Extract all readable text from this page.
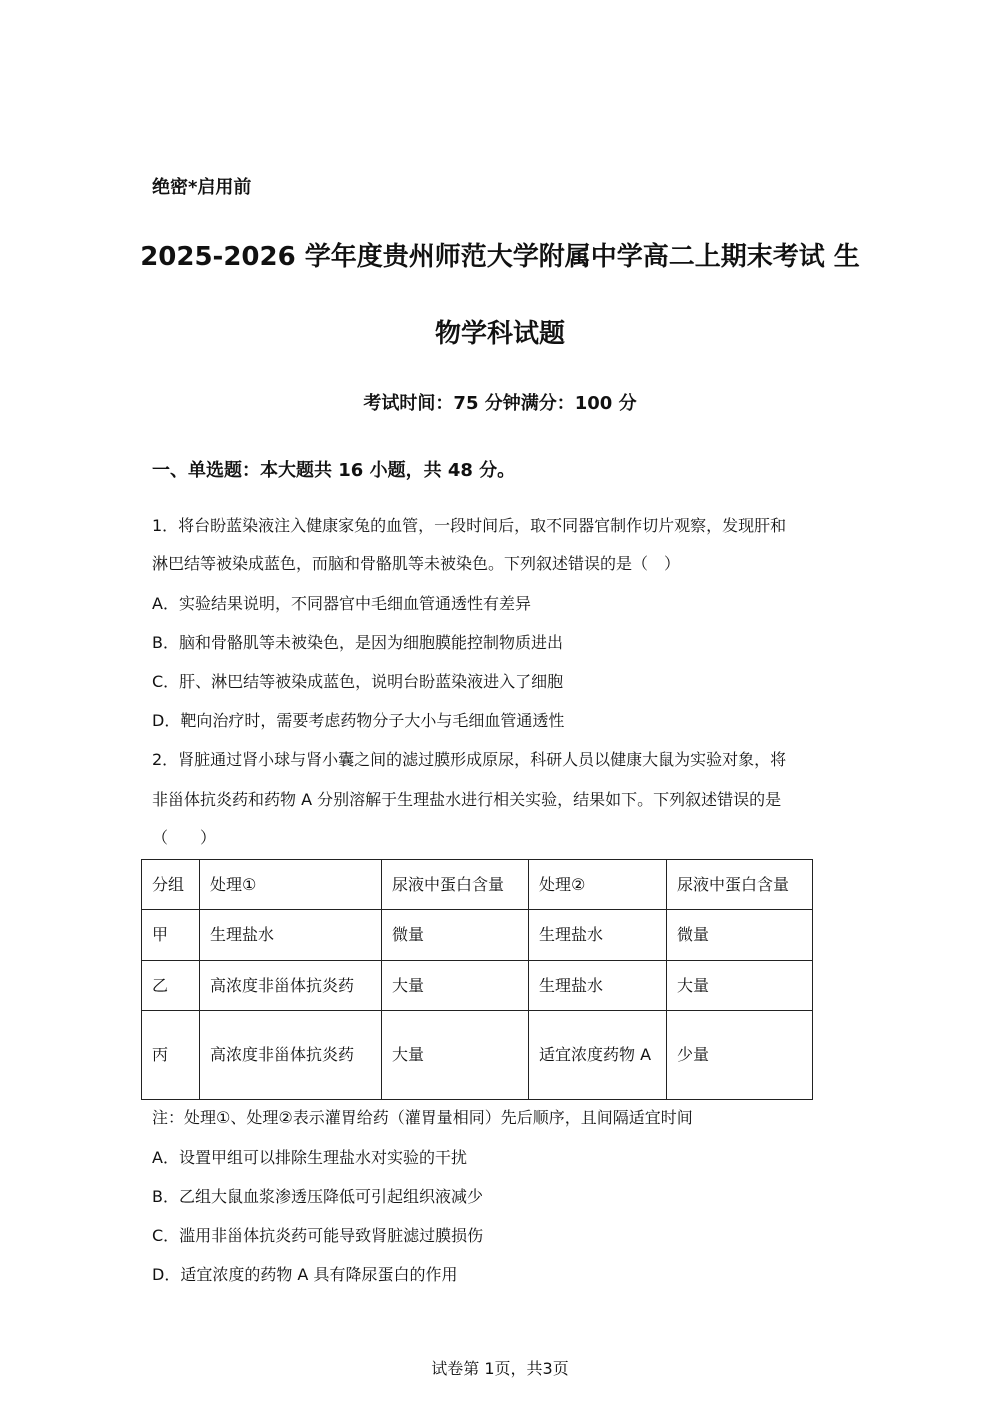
绝密*启用前
2025-2026 学年度贵州师范大学附属中学高二上期末考试 生
物学科试题
考试时间：75 分钟满分：100 分
一、单选题：本大题共 16 小题，共 48 分。
1．将台盼蓝染液注入健康家兔的血管，一段时间后，取不同器官制作切片观察，发现肝和
淋巴结等被染成蓝色，而脑和骨骼肌等未被染色。下列叙述错误的是（　）
A．实验结果说明，不同器官中毛细血管通透性有差异
B．脑和骨骼肌等未被染色，是因为细胞膜能控制物质进出
C．肝、淋巴结等被染成蓝色，说明台盼蓝染液进入了细胞
D．靶向治疗时，需要考虑药物分子大小与毛细血管通透性
2．肾脏通过肾小球与肾小囊之间的滤过膜形成原尿，科研人员以健康大鼠为实验对象，将
非甾体抗炎药和药物 A 分别溶解于生理盐水进行相关实验，结果如下。下列叙述错误的是
（　　）
分组	处理①	尿液中蛋白含量	处理②	尿液中蛋白含量
甲	生理盐水	微量	生理盐水	微量
乙	高浓度非甾体抗炎药	大量	生理盐水	大量
丙	高浓度非甾体抗炎药	大量	适宜浓度药物 A	少量
注：处理①、处理②表示灌胃给药（灌胃量相同）先后顺序，且间隔适宜时间
A．设置甲组可以排除生理盐水对实验的干扰
B．乙组大鼠血浆渗透压降低可引起组织液减少
C．滥用非甾体抗炎药可能导致肾脏滤过膜损伤
D．适宜浓度的药物 A 具有降尿蛋白的作用
试卷第 1页，共3页
